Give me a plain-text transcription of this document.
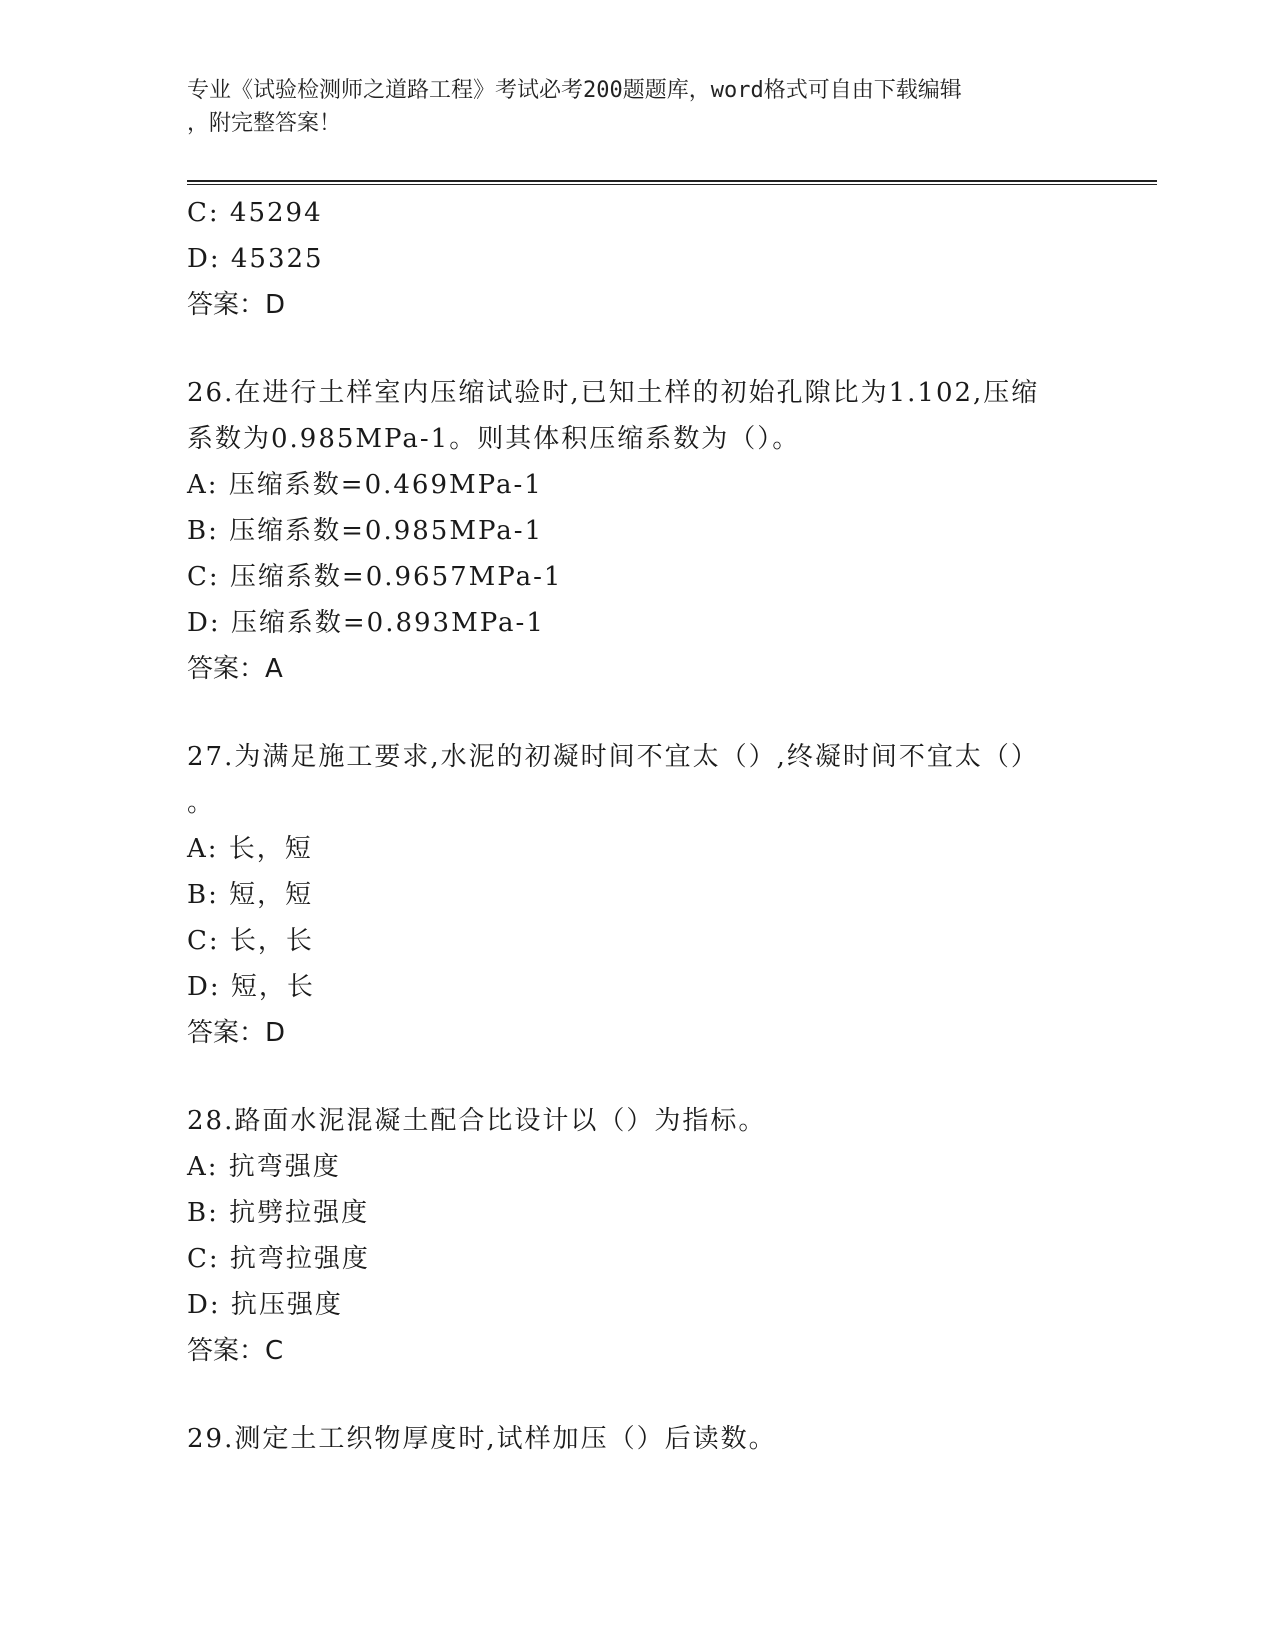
专业《试验检测师之道路工程》考试必考200题题库，word格式可自由下载编辑
，附完整答案！
C: 45294
D: 45325
答案：D
26.在进行土样室内压缩试验时,已知土样的初始孔隙比为1.102,压缩
系数为0.985MPa-1。则其体积压缩系数为（）。
A: 压缩系数=0.469MPa-1
B: 压缩系数=0.985MPa-1
C: 压缩系数=0.9657MPa-1
D: 压缩系数=0.893MPa-1
答案：A
27.为满足施工要求,水泥的初凝时间不宜太（）,终凝时间不宜太（）
。
A: 长，短
B: 短，短
C: 长，长
D: 短，长
答案：D
28.路面水泥混凝土配合比设计以（）为指标。
A: 抗弯强度
B: 抗劈拉强度
C: 抗弯拉强度
D: 抗压强度
答案：C
29.测定土工织物厚度时,试样加压（）后读数。
